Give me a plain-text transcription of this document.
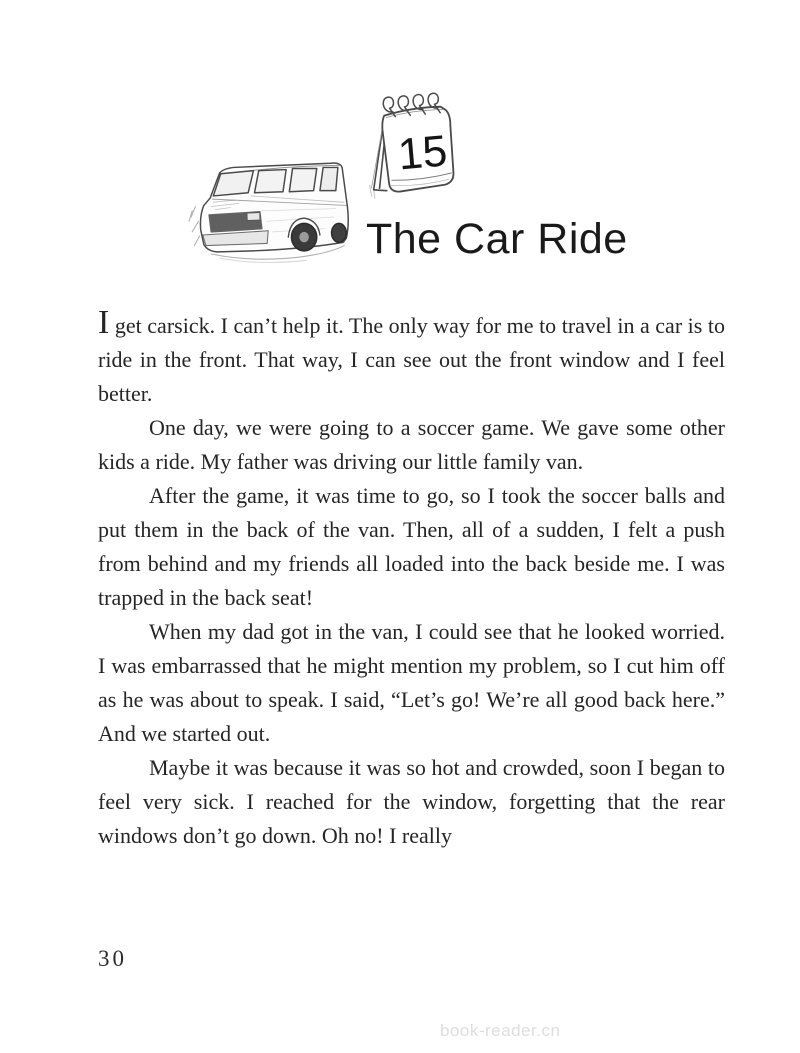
15
The Car Ride

I get carsick. I can’t help it. The only way for me to travel in a car is to ride in the front. That way, I can see out the front window and I feel better.

One day, we were going to a soccer game. We gave some other kids a ride. My father was driving our little family van.

After the game, it was time to go, so I took the soccer balls and put them in the back of the van. Then, all of a sudden, I felt a push from behind and my friends all loaded into the back beside me. I was trapped in the back seat!

When my dad got in the van, I could see that he looked worried. I was embarrassed that he might mention my problem, so I cut him off as he was about to speak. I said, “Let’s go! We’re all good back here.” And we started out.

Maybe it was because it was so hot and crowded, soon I began to feel very sick. I reached for the window, forgetting that the rear windows don’t go down. Oh no! I really

30
book-reader.cn
